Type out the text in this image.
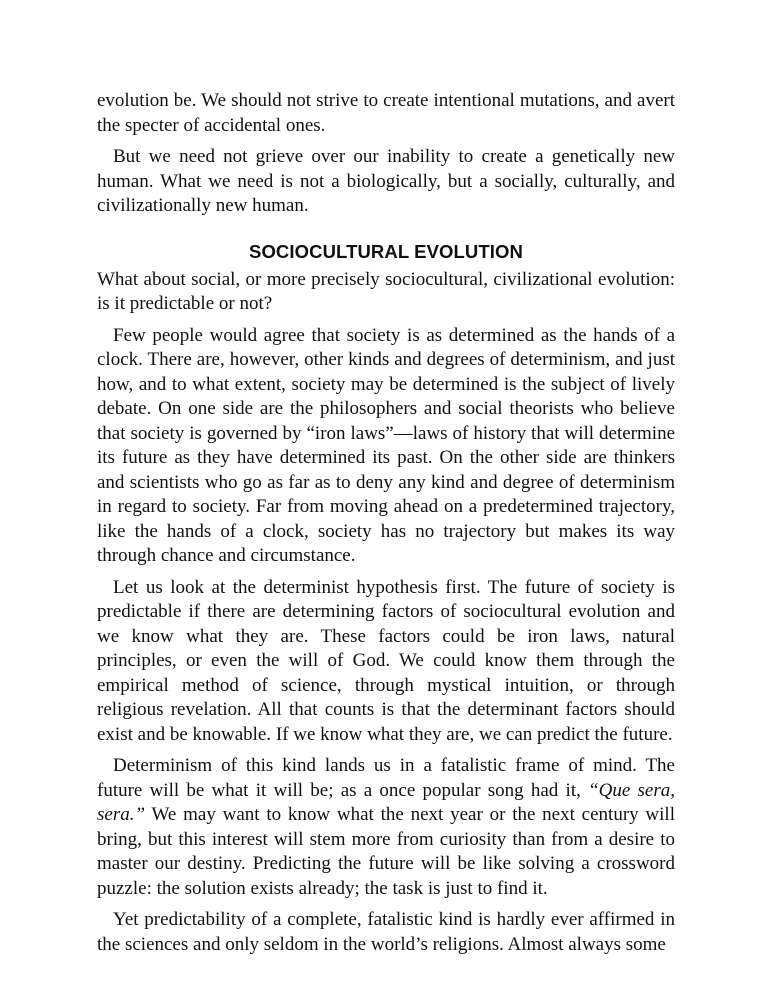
evolution be. We should not strive to create intentional mutations, and avert the specter of accidental ones.

But we need not grieve over our inability to create a genetically new human. What we need is not a biologically, but a socially, culturally, and civilizationally new human.

SOCIOCULTURAL EVOLUTION

What about social, or more precisely sociocultural, civilizational evolution: is it predictable or not?

Few people would agree that society is as determined as the hands of a clock. There are, however, other kinds and degrees of determinism, and just how, and to what extent, society may be determined is the subject of lively debate. On one side are the philosophers and social theorists who believe that society is governed by “iron laws”—laws of history that will determine its future as they have determined its past. On the other side are thinkers and scientists who go as far as to deny any kind and degree of determinism in regard to society. Far from moving ahead on a predetermined trajectory, like the hands of a clock, society has no trajectory but makes its way through chance and circumstance.

Let us look at the determinist hypothesis first. The future of society is predictable if there are determining factors of sociocultural evolution and we know what they are. These factors could be iron laws, natural principles, or even the will of God. We could know them through the empirical method of science, through mystical intuition, or through religious revelation. All that counts is that the determinant factors should exist and be knowable. If we know what they are, we can predict the future.

Determinism of this kind lands us in a fatalistic frame of mind. The future will be what it will be; as a once popular song had it, “Que sera, sera.” We may want to know what the next year or the next century will bring, but this interest will stem more from curiosity than from a desire to master our destiny. Predicting the future will be like solving a crossword puzzle: the solution exists already; the task is just to find it.

Yet predictability of a complete, fatalistic kind is hardly ever affirmed in the sciences and only seldom in the world’s religions. Almost always some
